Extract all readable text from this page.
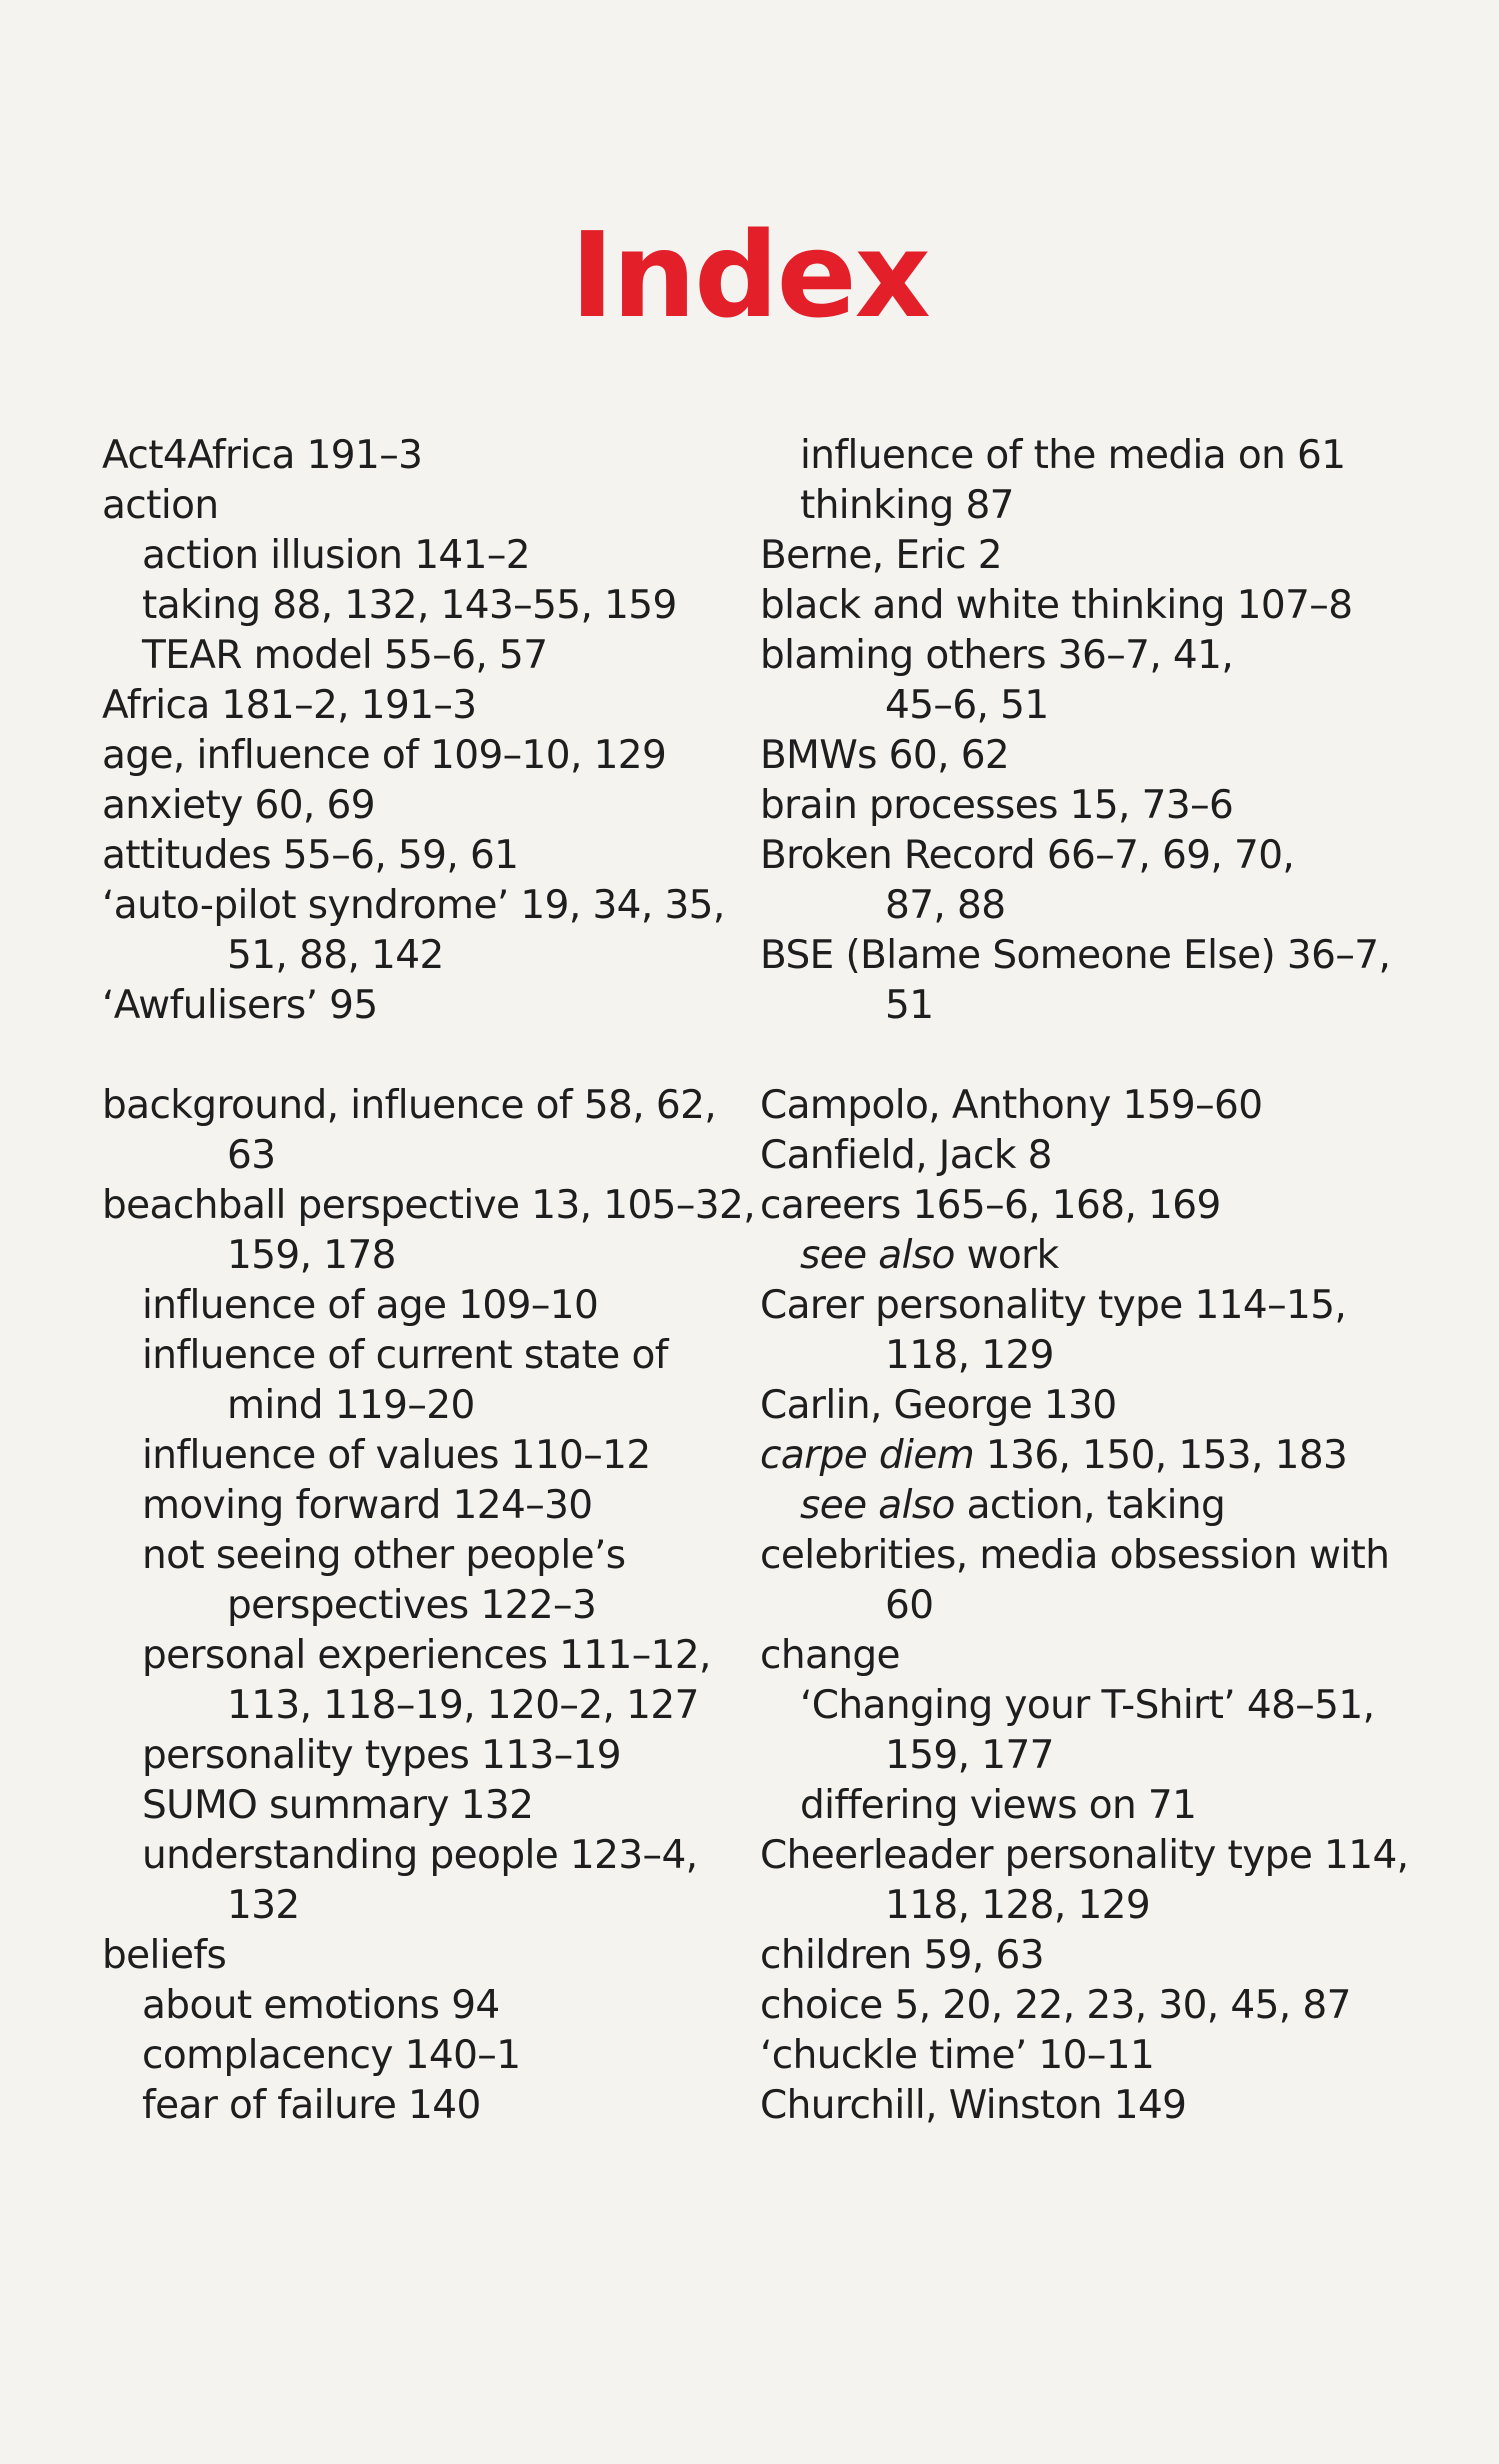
Index
Act4Africa 191–3
action
action illusion 141–2
taking 88, 132, 143–55, 159
TEAR model 55–6, 57
Africa 181–2, 191–3
age, influence of 109–10, 129
anxiety 60, 69
attitudes 55–6, 59, 61
‘auto-pilot syndrome’ 19, 34, 35,
51, 88, 142
‘Awfulisers’ 95
background, influence of 58, 62,
63
beachball perspective 13, 105–32,
159, 178
influence of age 109–10
influence of current state of
mind 119–20
influence of values 110–12
moving forward 124–30
not seeing other people’s
perspectives 122–3
personal experiences 111–12,
113, 118–19, 120–2, 127
personality types 113–19
SUMO summary 132
understanding people 123–4,
132
beliefs
about emotions 94
complacency 140–1
fear of failure 140
influence of the media on 61
thinking 87
Berne, Eric 2
black and white thinking 107–8
blaming others 36–7, 41,
45–6, 51
BMWs 60, 62
brain processes 15, 73–6
Broken Record 66–7, 69, 70,
87, 88
BSE (Blame Someone Else) 36–7,
51
Campolo, Anthony 159–60
Canfield, Jack 8
careers 165–6, 168, 169
see also work
Carer personality type 114–15,
118, 129
Carlin, George 130
carpe diem 136, 150, 153, 183
see also action, taking
celebrities, media obsession with
60
change
‘Changing your T-Shirt’ 48–51,
159, 177
differing views on 71
Cheerleader personality type 114,
118, 128, 129
children 59, 63
choice 5, 20, 22, 23, 30, 45, 87
‘chuckle time’ 10–11
Churchill, Winston 149
